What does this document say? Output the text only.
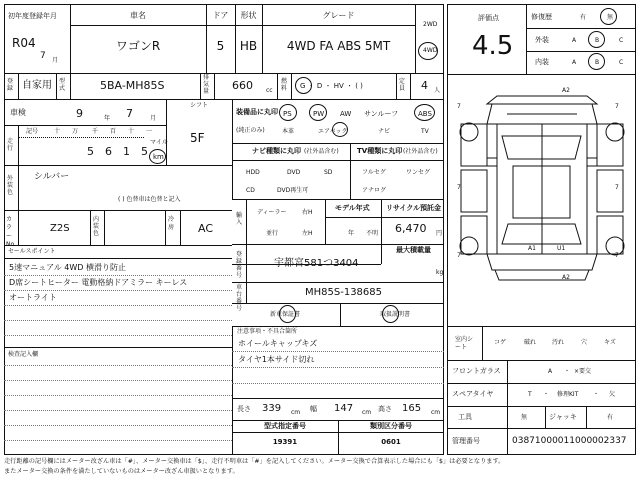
初年度登録年月
R04
7 月
車名
ワゴンR
ドア
5
形状
HB
グレード
4WD FA ABS 5MT
2WD
4WD
登録 自家用 型式	5BA-MH85S
排気量 660 cc
燃料 G ・ D ・ HV ・ ( )
定員 4 人
車検	9	年 7	月
シフト
5F
走行
記号	十 万 千 百 十 一
5 6 1 5
マイル
km
装備品に丸印
(純正のみ)
PS	PW AW サンルーフ	ABS
本革	エアバック	ナビ	TV
ナビ種類に丸印 (社外品含む)	TV種類に丸印 (社外品含む)
HDD	DVD	SD
CD	DVD再生可
フルセグ	ワンセグ
アナログ
外装色
シルバー
( ) 色替車は色替と記入
輸入
ディーラー
並行
右H
左H
モデル年式
年 不明
リサイクル預託金
6,470 円
最大積載量
kg
カラーNo.
Z2S
内装色
冷房 AC
登録番号
宇都宮581つ3404
車台番号
MH85S-138685
新車保証書	取扱説明書
セールスポイント
5速マニュアル 4WD 横滑り防止
D席シートヒーター 電動格納ドアミラー キーレス
オートライト
検査記入欄
注意事項・不具合箇所
ホイールキャップキズ
タイヤ1本サイド切れ
長さ 339 cm 幅 147 cm 高さ 165 cm
型式指定番号
19391
類別区分番号
0601
評価点
4.5
修復歴	有	無
外装	A	B	C
内装	A	B	C
A2
A1	U1
A2
7	7
7	7
7	7
室内シート
コゲ	破れ	汚れ	穴	キズ
フロントガラス	A ・ ×要交
スペアタイヤ	T ・ 修理KIT ・ 欠
工具	無	ジャッキ	有
管理番号	03871000011000002337
走行距離の記号欄にはメーター改ざん車は「#」、メーター交換車は「$」、走行不明車は「#」を記入してください。メーター交換で合算表示した場合にも「$」は必要となります。
またメーター交換の条件を満たしていないものはメーター改ざん車扱いとなります。
